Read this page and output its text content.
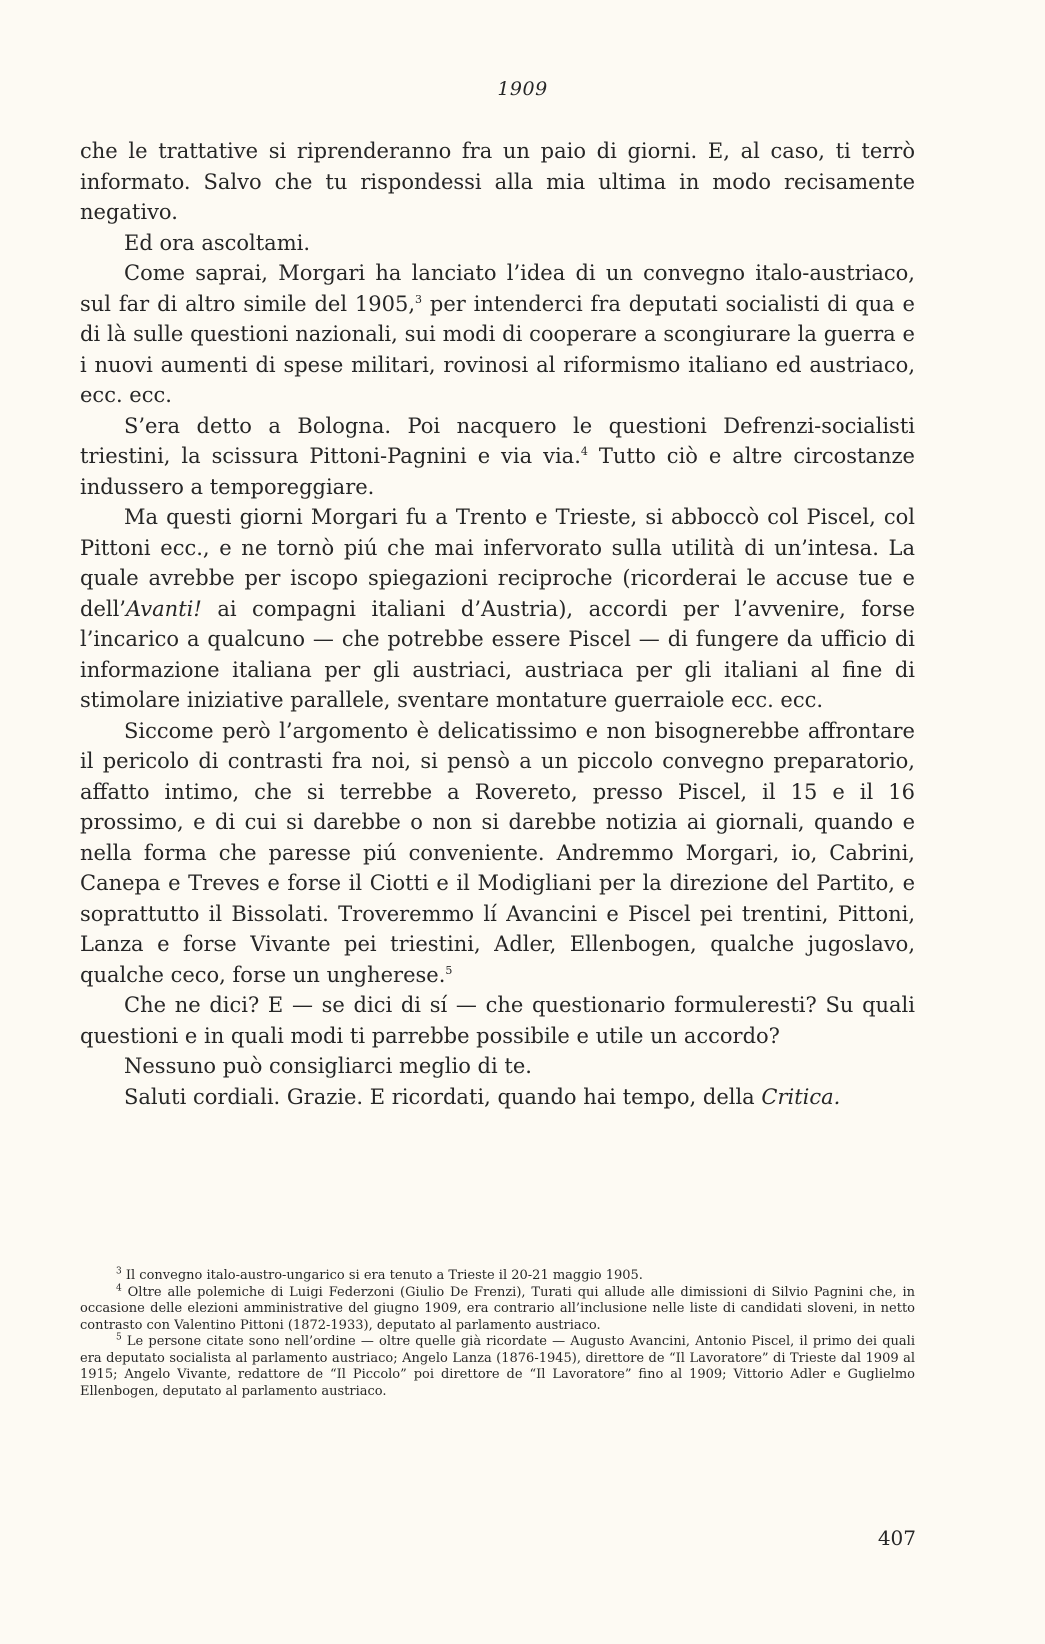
1909

che le trattative si riprenderanno fra un paio di giorni. E, al caso, ti terrò informato. Salvo che tu rispondessi alla mia ultima in modo recisamente negativo.

Ed ora ascoltami.

Come saprai, Morgari ha lanciato l’idea di un convegno italo-austriaco, sul far di altro simile del 1905,$^3$ per intenderci fra deputati socialisti di qua e di là sulle questioni nazionali, sui modi di cooperare a scongiurare la guerra e i nuovi aumenti di spese militari, rovinosi al riformismo italiano ed austriaco, ecc. ecc.

S’era detto a Bologna. Poi nacquero le questioni Defrenzi-socialisti triestini, la scissura Pittoni-Pagnini e via via.$^4$ Tutto ciò e altre circostanze indussero a temporeggiare.

Ma questi giorni Morgari fu a Trento e Trieste, si abboccò col Piscel, col Pittoni ecc., e ne tornò piú che mai infervorato sulla utilità di un’intesa. La quale avrebbe per iscopo spiegazioni reciproche (ricorderai le accuse tue e dell’Avanti! ai compagni italiani d’Austria), accordi per l’avvenire, forse l’incarico a qualcuno — che potrebbe essere Piscel — di fungere da ufficio di informazione italiana per gli austriaci, austriaca per gli italiani al fine di stimolare iniziative parallele, sventare montature guerraiole ecc. ecc.

Siccome però l’argomento è delicatissimo e non bisognerebbe affrontare il pericolo di contrasti fra noi, si pensò a un piccolo convegno preparatorio, affatto intimo, che si terrebbe a Rovereto, presso Piscel, il 15 e il 16 prossimo, e di cui si darebbe o non si darebbe notizia ai giornali, quando e nella forma che paresse piú conveniente. Andremmo Morgari, io, Cabrini, Canepa e Treves e forse il Ciotti e il Modigliani per la direzione del Partito, e soprattutto il Bissolati. Troveremmo lí Avancini e Piscel pei trentini, Pittoni, Lanza e forse Vivante pei triestini, Adler, Ellenbogen, qualche jugoslavo, qualche ceco, forse un ungherese.$^5$

Che ne dici? E — se dici di sí — che questionario formuleresti? Su quali questioni e in quali modi ti parrebbe possibile e utile un accordo?

Nessuno può consigliarci meglio di te.

Saluti cordiali. Grazie. E ricordati, quando hai tempo, della Critica.

$^3$ Il convegno italo-austro-ungarico si era tenuto a Trieste il 20-21 maggio 1905.

$^4$ Oltre alle polemiche di Luigi Federzoni (Giulio De Frenzi), Turati qui allude alle dimissioni di Silvio Pagnini che, in occasione delle elezioni amministrative del giugno 1909, era contrario all’inclusione nelle liste di candidati sloveni, in netto contrasto con Valentino Pittoni (1872-1933), deputato al parlamento austriaco.

$^5$ Le persone citate sono nell’ordine — oltre quelle già ricordate — Augusto Avancini, Antonio Piscel, il primo dei quali era deputato socialista al parlamento austriaco; Angelo Lanza (1876-1945), direttore de “Il Lavoratore” di Trieste dal 1909 al 1915; Angelo Vivante, redattore de “Il Piccolo” poi direttore de “Il Lavoratore” fino al 1909; Vittorio Adler e Guglielmo Ellenbogen, deputato al parlamento austriaco.

407
